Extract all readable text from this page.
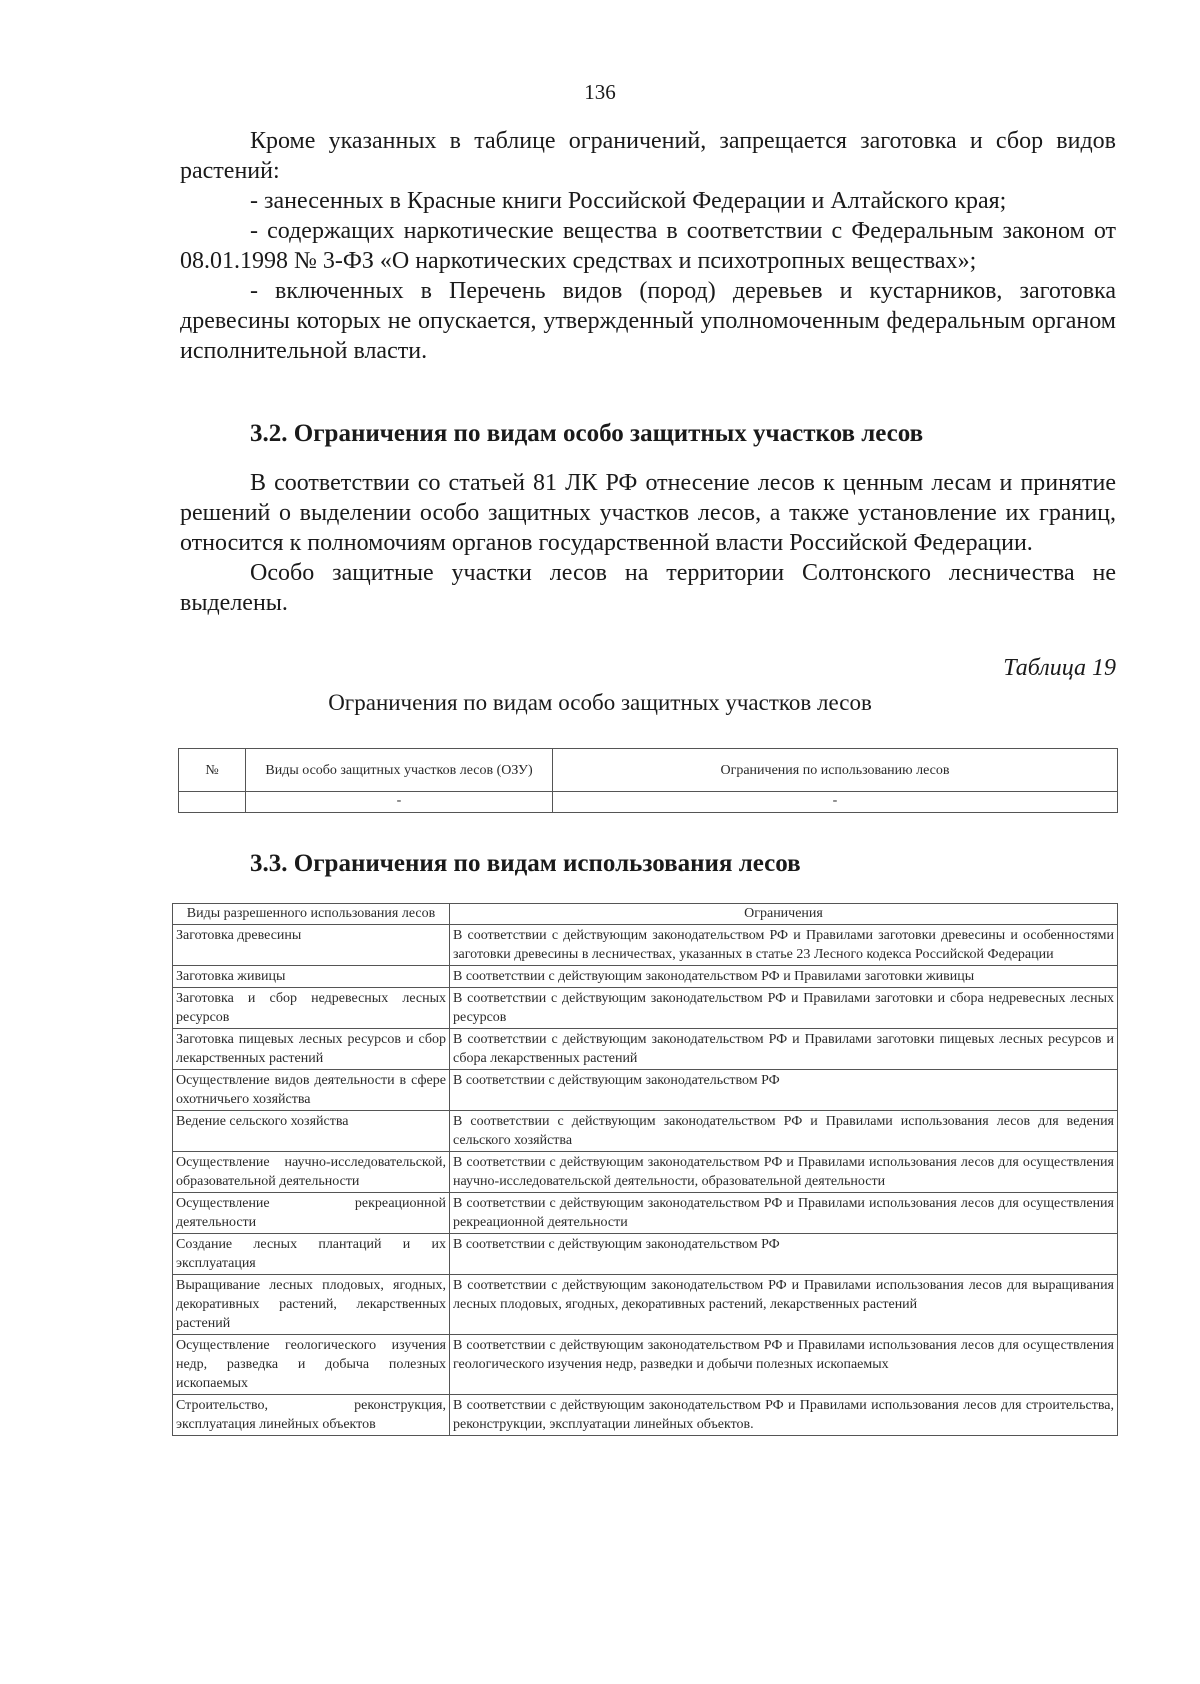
136

Кроме указанных в таблице ограничений, запрещается заготовка и сбор видов растений:

- занесенных в Красные книги Российской Федерации и Алтайского края;

- содержащих наркотические вещества в соответствии с Федеральным законом от 08.01.1998 № 3-ФЗ «О наркотических средствах и психотропных веществах»;

- включенных в Перечень видов (пород) деревьев и кустарников, заготовка древесины которых не опускается, утвержденный уполномоченным федеральным органом исполнительной власти.

3.2. Ограничения по видам особо защитных участков лесов

В соответствии со статьей 81 ЛК РФ отнесение лесов к ценным лесам и принятие решений о выделении особо защитных участков лесов, а также установление их границ, относится к полномочиям органов государственной власти Российской Федерации.

Особо защитные участки лесов на территории Солтонского лесничества не выделены.

Таблица 19
Ограничения по видам особо защитных участков лесов
№	Виды особо защитных участков лесов (ОЗУ)	Ограничения по использованию лесов
	-	-
3.3. Ограничения по видам использования лесов
Виды разрешенного использования лесов	Ограничения
Заготовка древесины	В соответствии с действующим законодательством РФ и Правилами заготовки древесины и особенностями заготовки древесины в лесничествах, указанных в статье 23 Лесного кодекса Российской Федерации
Заготовка живицы	В соответствии с действующим законодательством РФ и Правилами заготовки живицы
Заготовка и сбор недревесных лесных ресурсов	В соответствии с действующим законодательством РФ и Правилами заготовки и сбора недревесных лесных ресурсов
Заготовка пищевых лесных ресурсов и сбор лекарственных растений	В соответствии с действующим законодательством РФ и Правилами заготовки пищевых лесных ресурсов и сбора лекарственных растений
Осуществление видов деятельности в сфере охотничьего хозяйства	В соответствии с действующим законодательством РФ
Ведение сельского хозяйства	В соответствии с действующим законодательством РФ и Правилами использования лесов для ведения сельского хозяйства
Осуществление научно-исследовательской, образовательной деятельности	В соответствии с действующим законодательством РФ и Правилами использования лесов для осуществления научно-исследовательской деятельности, образовательной деятельности
Осуществление рекреационной деятельности	В соответствии с действующим законодательством РФ и Правилами использования лесов для осуществления рекреационной деятельности
Создание лесных плантаций и их эксплуатация	В соответствии с действующим законодательством РФ
Выращивание лесных плодовых, ягодных, декоративных растений, лекарственных растений	В соответствии с действующим законодательством РФ и Правилами использования лесов для выращивания лесных плодовых, ягодных, декоративных растений, лекарственных растений
Осуществление геологического изучения недр, разведка и добыча полезных ископаемых	В соответствии с действующим законодательством РФ и Правилами использования лесов для осуществления геологического изучения недр, разведки и добычи полезных ископаемых
Строительство, реконструкция, эксплуатация линейных объектов	В соответствии с действующим законодательством РФ и Правилами использования лесов для строительства, реконструкции, эксплуатации линейных объектов.
